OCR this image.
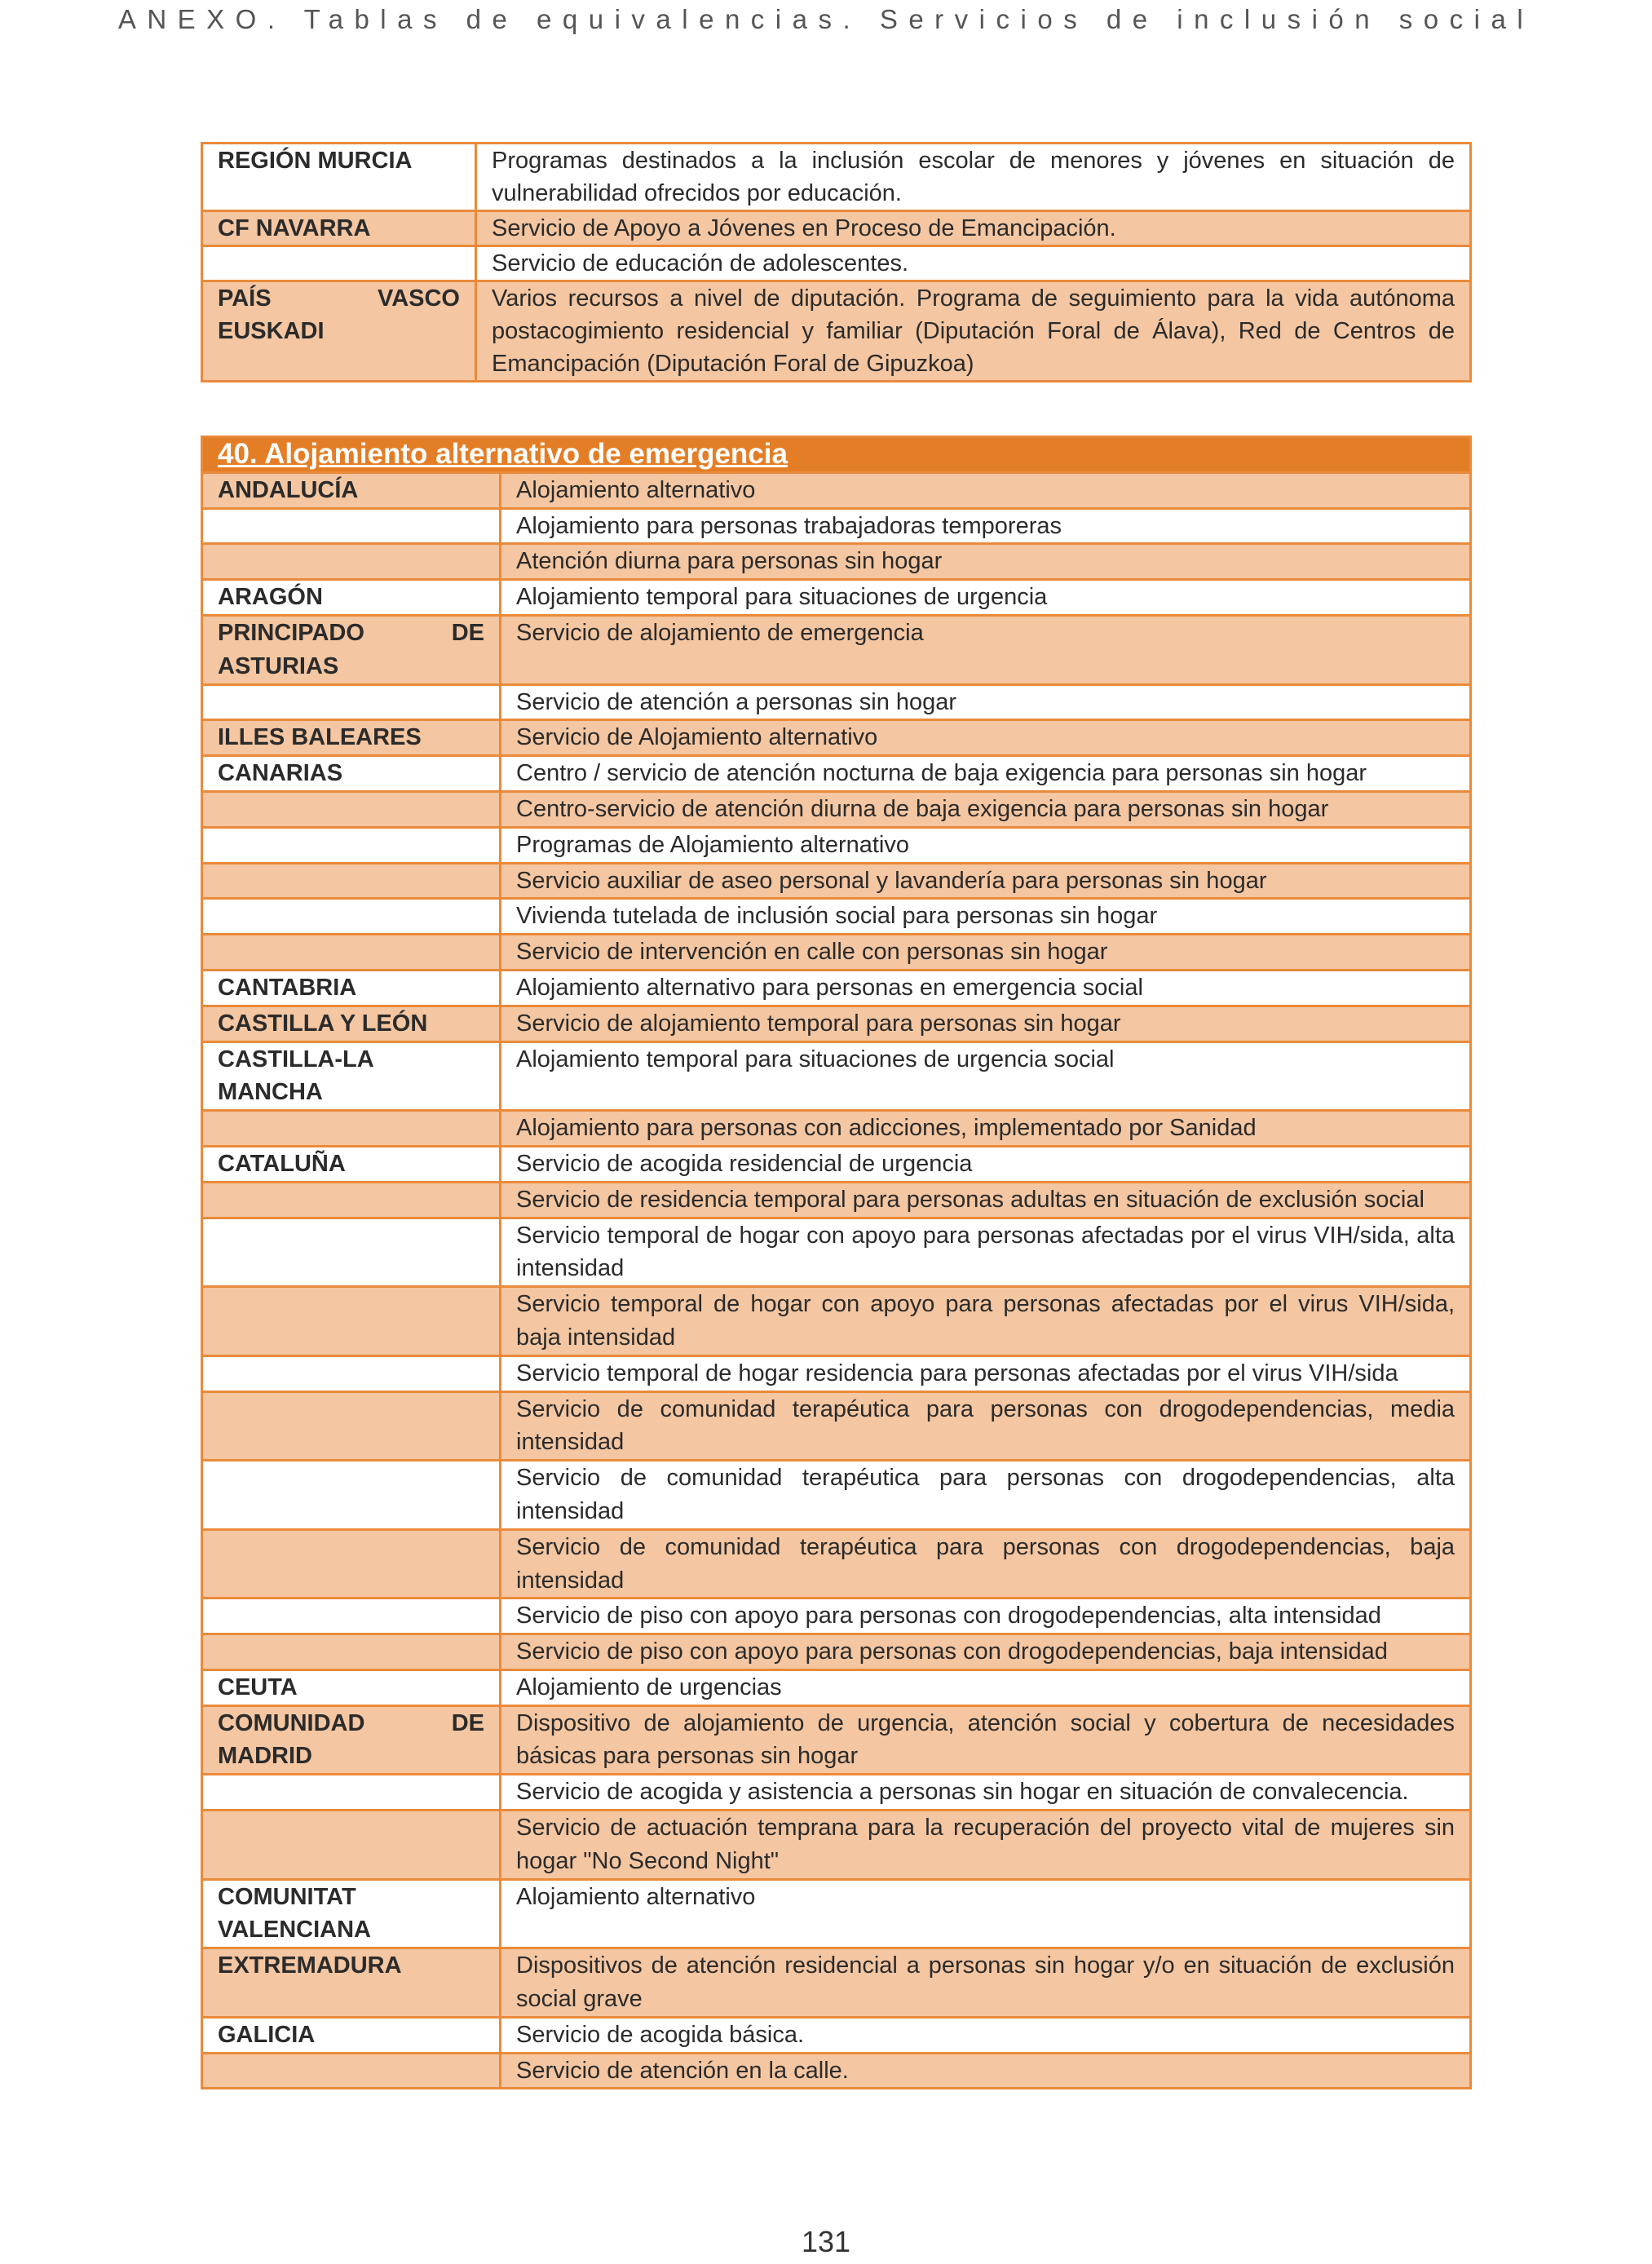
ANEXO. Tablas de equivalencias. Servicios de inclusión social
REGIÓN MURCIA	Programas destinados a la inclusión escolar de menores y jóvenes en situación de vulnerabilidad ofrecidos por educación.
CF NAVARRA	Servicio de Apoyo a Jóvenes en Proceso de Emancipación.
	Servicio de educación de adolescentes.
PAÍS VASCO EUSKADI	Varios recursos a nivel de diputación. Programa de seguimiento para la vida autónoma postacogimiento residencial y familiar (Diputación Foral de Álava), Red de Centros de Emancipación (Diputación Foral de Gipuzkoa)
40. Alojamiento alternativo de emergencia	
ANDALUCÍA	Alojamiento alternativo
	Alojamiento para personas trabajadoras temporeras
	Atención diurna para personas sin hogar
ARAGÓN	Alojamiento temporal para situaciones de urgencia
PRINCIPADO DE ASTURIAS	Servicio de alojamiento de emergencia
	Servicio de atención a personas sin hogar
ILLES BALEARES	Servicio de Alojamiento alternativo
CANARIAS	Centro / servicio de atención nocturna de baja exigencia para personas sin hogar
	Centro-servicio de atención diurna de baja exigencia para personas sin hogar
	Programas de Alojamiento alternativo
	Servicio auxiliar de aseo personal y lavandería para personas sin hogar
	Vivienda tutelada de inclusión social para personas sin hogar
	Servicio de intervención en calle con personas sin hogar
CANTABRIA	Alojamiento alternativo para personas en emergencia social
CASTILLA Y LEÓN	Servicio de alojamiento temporal para personas sin hogar
CASTILLA-LA MANCHA	Alojamiento temporal para situaciones de urgencia social
	Alojamiento para personas con adicciones, implementado por Sanidad
CATALUÑA	Servicio de acogida residencial de urgencia
	Servicio de residencia temporal para personas adultas en situación de exclusión social
	Servicio temporal de hogar con apoyo para personas afectadas por el virus VIH/sida, alta intensidad
	Servicio temporal de hogar con apoyo para personas afectadas por el virus VIH/sida, baja intensidad
	Servicio temporal de hogar residencia para personas afectadas por el virus VIH/sida
	Servicio de comunidad terapéutica para personas con drogodependencias, media intensidad
	Servicio de comunidad terapéutica para personas con drogodependencias, alta intensidad
	Servicio de comunidad terapéutica para personas con drogodependencias, baja intensidad
	Servicio de piso con apoyo para personas con drogodependencias, alta intensidad
	Servicio de piso con apoyo para personas con drogodependencias, baja intensidad
CEUTA	Alojamiento de urgencias
COMUNIDAD DE MADRID	Dispositivo de alojamiento de urgencia, atención social y cobertura de necesidades básicas para personas sin hogar
	Servicio de acogida y asistencia a personas sin hogar en situación de convalecencia.
	Servicio de actuación temprana para la recuperación del proyecto vital de mujeres sin hogar "No Second Night"
COMUNITAT VALENCIANA	Alojamiento alternativo
EXTREMADURA	Dispositivos de atención residencial a personas sin hogar y/o en situación de exclusión social grave
GALICIA	Servicio de acogida básica.
	Servicio de atención en la calle.
131
